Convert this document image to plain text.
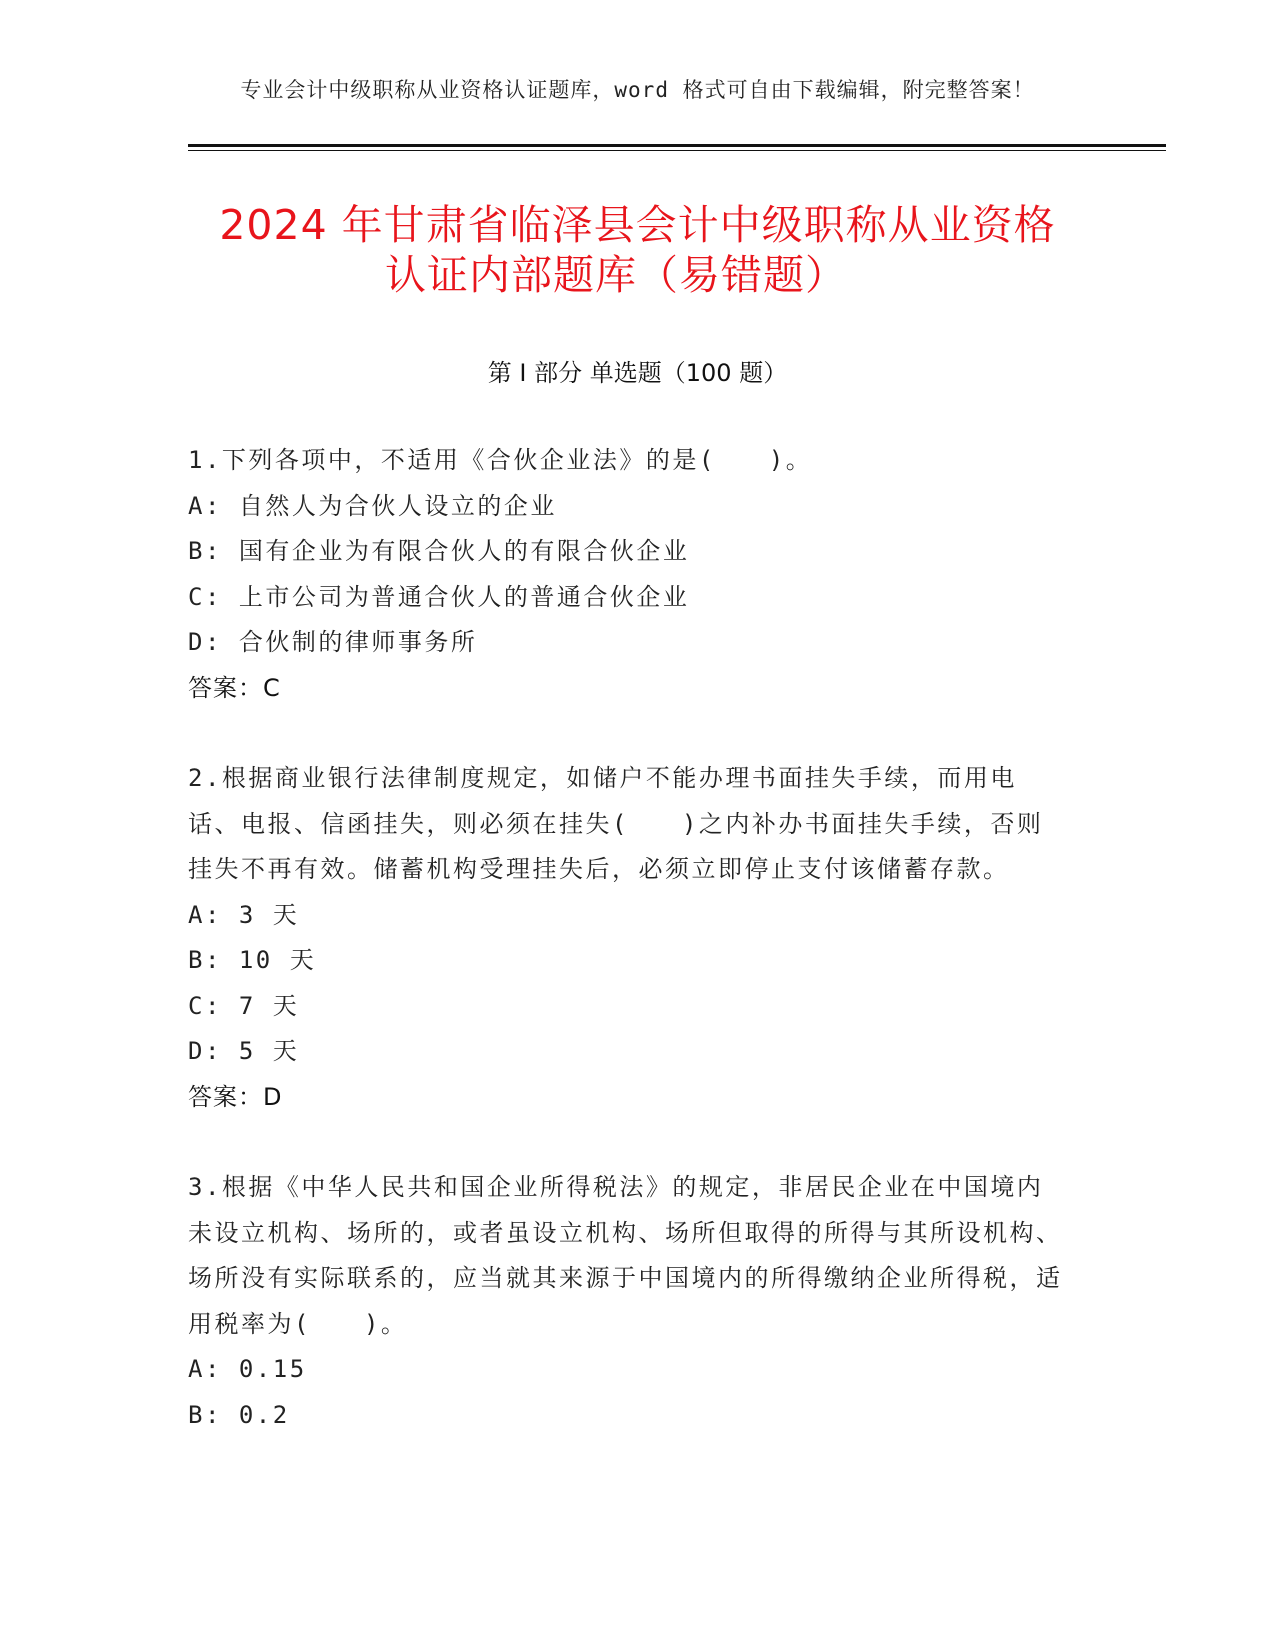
专业会计中级职称从业资格认证题库，word 格式可自由下载编辑，附完整答案！
2024 年甘肃省临泽县会计中级职称从业资格
认证内部题库（易错题）
第 I 部分 单选题（100 题）
1.下列各项中，不适用《合伙企业法》的是(　　)。
A: 自然人为合伙人设立的企业
B: 国有企业为有限合伙人的有限合伙企业
C: 上市公司为普通合伙人的普通合伙企业
D: 合伙制的律师事务所
答案：C
2.根据商业银行法律制度规定，如储户不能办理书面挂失手续，而用电话、电报、信函挂失，则必须在挂失(　　)之内补办书面挂失手续，否则挂失不再有效。储蓄机构受理挂失后，必须立即停止支付该储蓄存款。
A: 3 天
B: 10 天
C: 7 天
D: 5 天
答案：D
3.根据《中华人民共和国企业所得税法》的规定，非居民企业在中国境内未设立机构、场所的，或者虽设立机构、场所但取得的所得与其所设机构、场所没有实际联系的，应当就其来源于中国境内的所得缴纳企业所得税，适用税率为(　　)。
A: 0.15
B: 0.2
